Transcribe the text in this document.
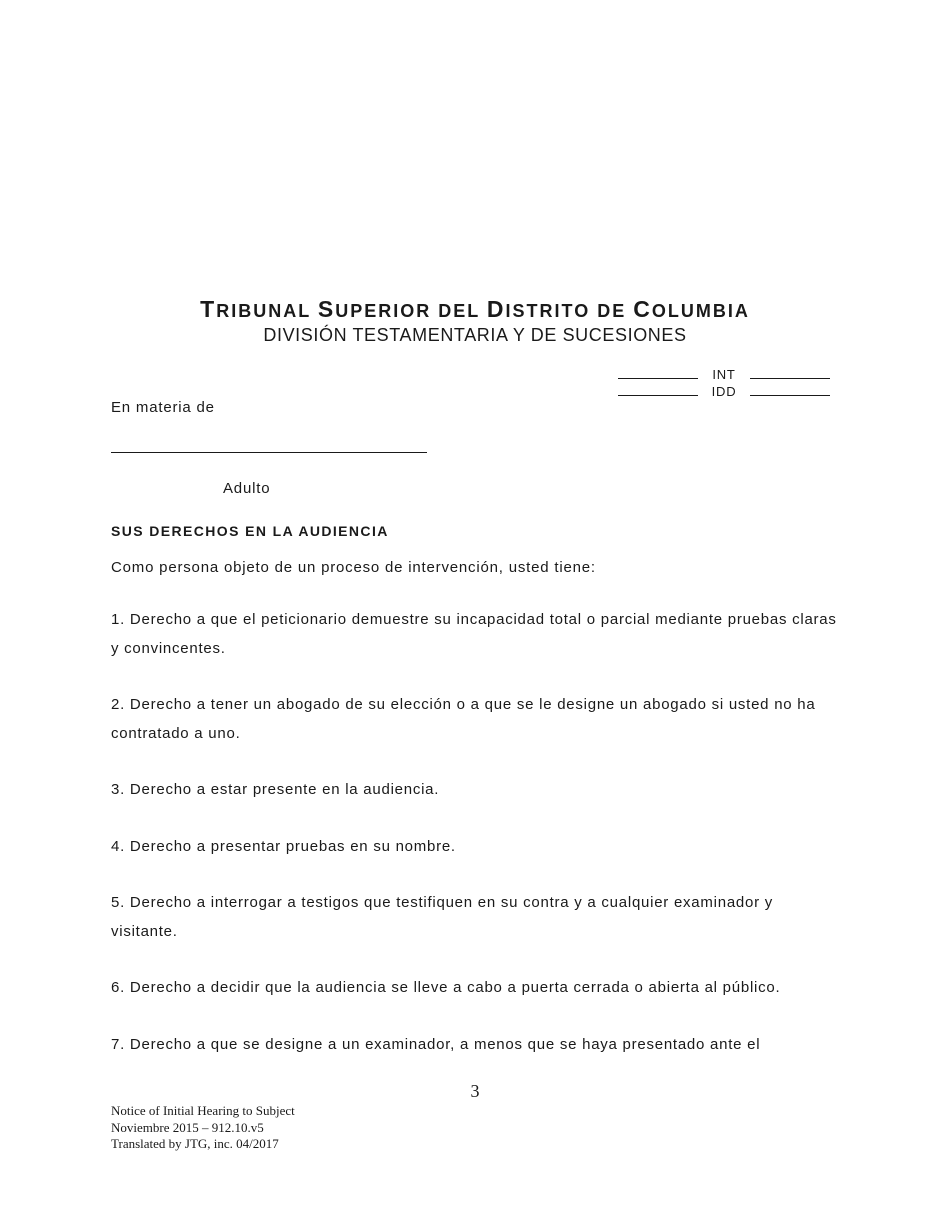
TRIBUNAL SUPERIOR DEL DISTRITO DE COLUMBIA
DIVISIÓN TESTAMENTARIA Y DE SUCESIONES
INT
IDD
En materia de
Adulto
SUS DERECHOS EN LA AUDIENCIA
Como persona objeto de un proceso de intervención, usted tiene:
1. Derecho a que el peticionario demuestre su incapacidad total o parcial mediante pruebas claras y convincentes.
2. Derecho a tener un abogado de su elección o a que se le designe un abogado si usted no ha contratado a uno.
3. Derecho a estar presente en la audiencia.
4. Derecho a presentar pruebas en su nombre.
5. Derecho a interrogar a testigos que testifiquen en su contra y a cualquier examinador y visitante.
6. Derecho a decidir que la audiencia se lleve a cabo a puerta cerrada o abierta al público.
7. Derecho a que se designe a un examinador, a menos que se haya presentado ante el
3
Notice of Initial Hearing to Subject
Noviembre 2015 – 912.10.v5
Translated by JTG, inc. 04/2017
